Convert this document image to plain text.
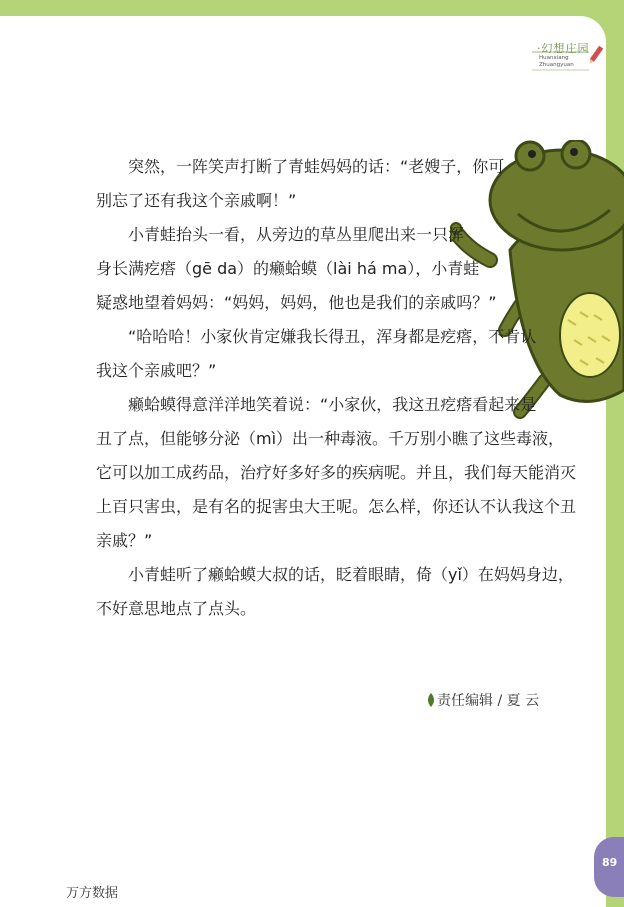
·幻想庄园
Huanxiang
Zhuangyuan

突然，一阵笑声打断了青蛙妈妈的话：“老嫂子，你可
别忘了还有我这个亲戚啊！”

小青蛙抬头一看，从旁边的草丛里爬出来一只浑
身长满疙瘩（gē da）的癞蛤蟆（lài há ma），小青蛙
疑惑地望着妈妈：“妈妈，妈妈，他也是我们的亲戚吗？”

“哈哈哈！小家伙肯定嫌我长得丑，浑身都是疙瘩，不肯认
我这个亲戚吧？”

癞蛤蟆得意洋洋地笑着说：“小家伙，我这丑疙瘩看起来是
丑了点，但能够分泌（mì）出一种毒液。千万别小瞧了这些毒液，
它可以加工成药品，治疗好多好多的疾病呢。并且，我们每天能消灭
上百只害虫，是有名的捉害虫大王呢。怎么样，你还认不认我这个丑
亲戚？”

小青蛙听了癞蛤蟆大叔的话，眨着眼睛，倚（yǐ）在妈妈身边，
不好意思地点了点头。

责任编辑 / 夏 云
89
万方数据
